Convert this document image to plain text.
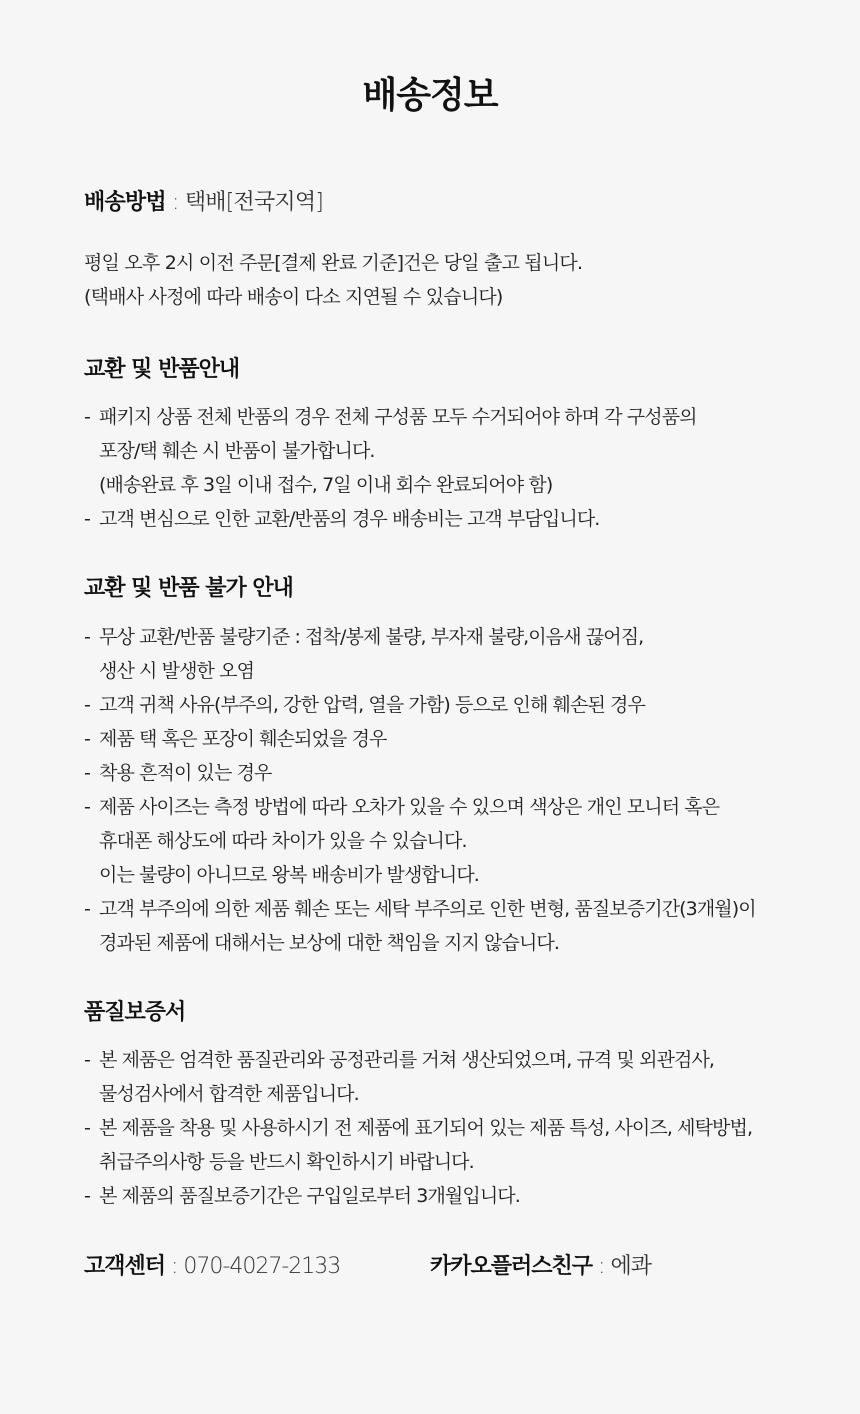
배송정보
배송방법 : 택배[전국지역]
평일 오후 2시 이전 주문[결제 완료 기준]건은 당일 출고 됩니다.
(택배사 사정에 따라 배송이 다소 지연될 수 있습니다)
교환 및 반품안내
- 패키지 상품 전체 반품의 경우 전체 구성품 모두 수거되어야 하며 각 구성품의
포장/택 훼손 시 반품이 불가합니다.
(배송완료 후 3일 이내 접수, 7일 이내 회수 완료되어야 함)
- 고객 변심으로 인한 교환/반품의 경우 배송비는 고객 부담입니다.
교환 및 반품 불가 안내
- 무상 교환/반품 불량기준 : 접착/봉제 불량, 부자재 불량,이음새 끊어짐,
생산 시 발생한 오염
- 고객 귀책 사유(부주의, 강한 압력, 열을 가함) 등으로 인해 훼손된 경우
- 제품 택 혹은 포장이 훼손되었을 경우
- 착용 흔적이 있는 경우
- 제품 사이즈는 측정 방법에 따라 오차가 있을 수 있으며 색상은 개인 모니터 혹은
휴대폰 해상도에 따라 차이가 있을 수 있습니다.
이는 불량이 아니므로 왕복 배송비가 발생합니다.
- 고객 부주의에 의한 제품 훼손 또는 세탁 부주의로 인한 변형, 품질보증기간(3개월)이
경과된 제품에 대해서는 보상에 대한 책임을 지지 않습니다.
품질보증서
- 본 제품은 엄격한 품질관리와 공정관리를 거쳐 생산되었으며, 규격 및 외관검사,
물성검사에서 합격한 제품입니다.
- 본 제품을 착용 및 사용하시기 전 제품에 표기되어 있는 제품 특성, 사이즈, 세탁방법,
취급주의사항 등을 반드시 확인하시기 바랍니다.
- 본 제품의 품질보증기간은 구입일로부터 3개월입니다.
고객센터 : 070-4027-2133	카카오플러스친구 : 에콰
